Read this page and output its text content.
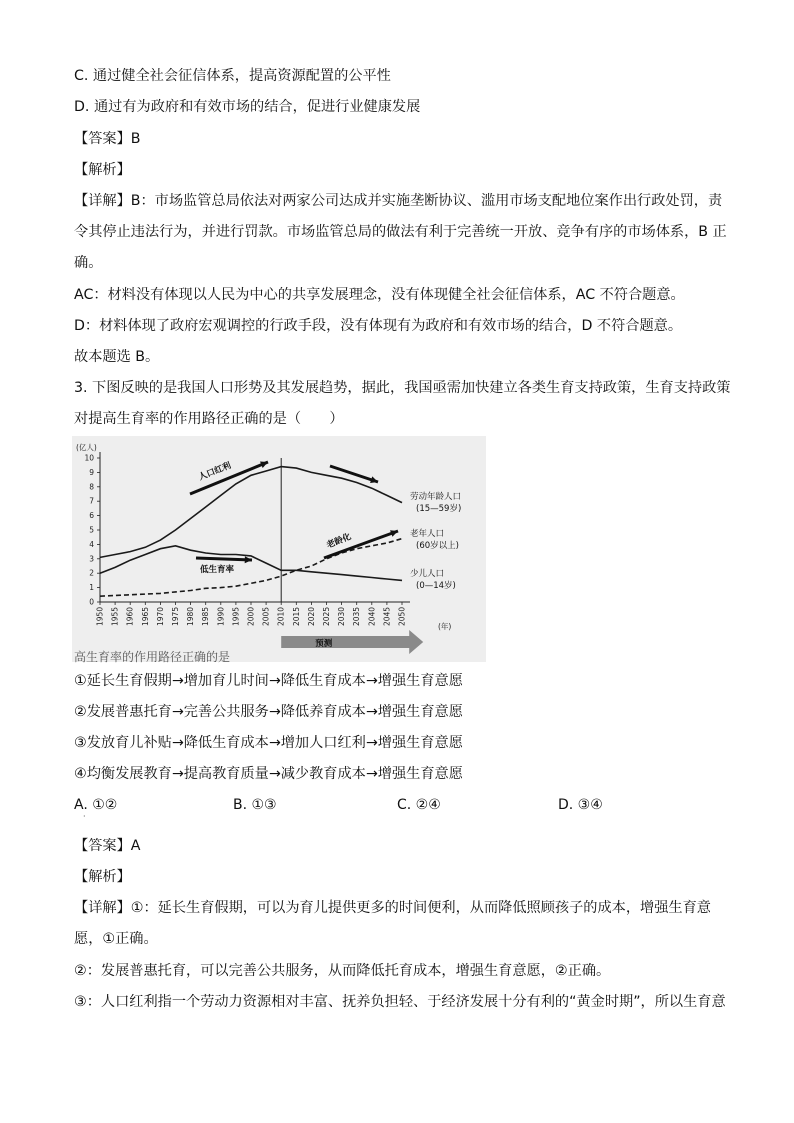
C. 通过健全社会征信体系，提高资源配置的公平性
D. 通过有为政府和有效市场的结合，促进行业健康发展
【答案】B
【解析】
【详解】B：市场监管总局依法对两家公司达成并实施垄断协议、滥用市场支配地位案作出行政处罚，责
令其停止违法行为，并进行罚款。市场监管总局的做法有利于完善统一开放、竞争有序的市场体系，B 正
确。
AC：材料没有体现以人民为中心的共享发展理念，没有体现健全社会征信体系，AC 不符合题意。
D：材料体现了政府宏观调控的行政手段，没有体现有为政府和有效市场的结合，D 不符合题意。
故本题选 B。
3. 下图反映的是我国人口形势及其发展趋势，据此，我国亟需加快建立各类生育支持政策，生育支持政策
对提高生育率的作用路径正确的是（　　）
0
1
2
3
4
5
6
7
8
9
10
(亿人)
1950 1955 1960 1965 1970 1975 1980 1985 1990 1995 2000 2005 2010 2015 2020 2025 2030 2035 2040 2045 2050
(年)
预测
劳动年龄人口
(15—59岁)
老年人口
(60岁以上)
少儿人口
(0—14岁)
人口红利
老龄化
低生育率
高生育率的作用路径正确的是
①延长生育假期→增加育儿时间→降低生育成本→增强生育意愿
②发展普惠托育→完善公共服务→降低养育成本→增强生育意愿
③发放育儿补贴→降低生育成本→增加人口红利→增强生育意愿
④均衡发展教育→提高教育质量→减少教育成本→增强生育意愿
A. ①②	B. ①③	C. ②④	D. ③④
·
【答案】A
【解析】
【详解】①：延长生育假期，可以为育儿提供更多的时间便利，从而降低照顾孩子的成本，增强生育意
愿，①正确。
②：发展普惠托育，可以完善公共服务，从而降低托育成本，增强生育意愿，②正确。
③：人口红利指一个劳动力资源相对丰富、抚养负担轻、于经济发展十分有利的“黄金时期”，所以生育意
